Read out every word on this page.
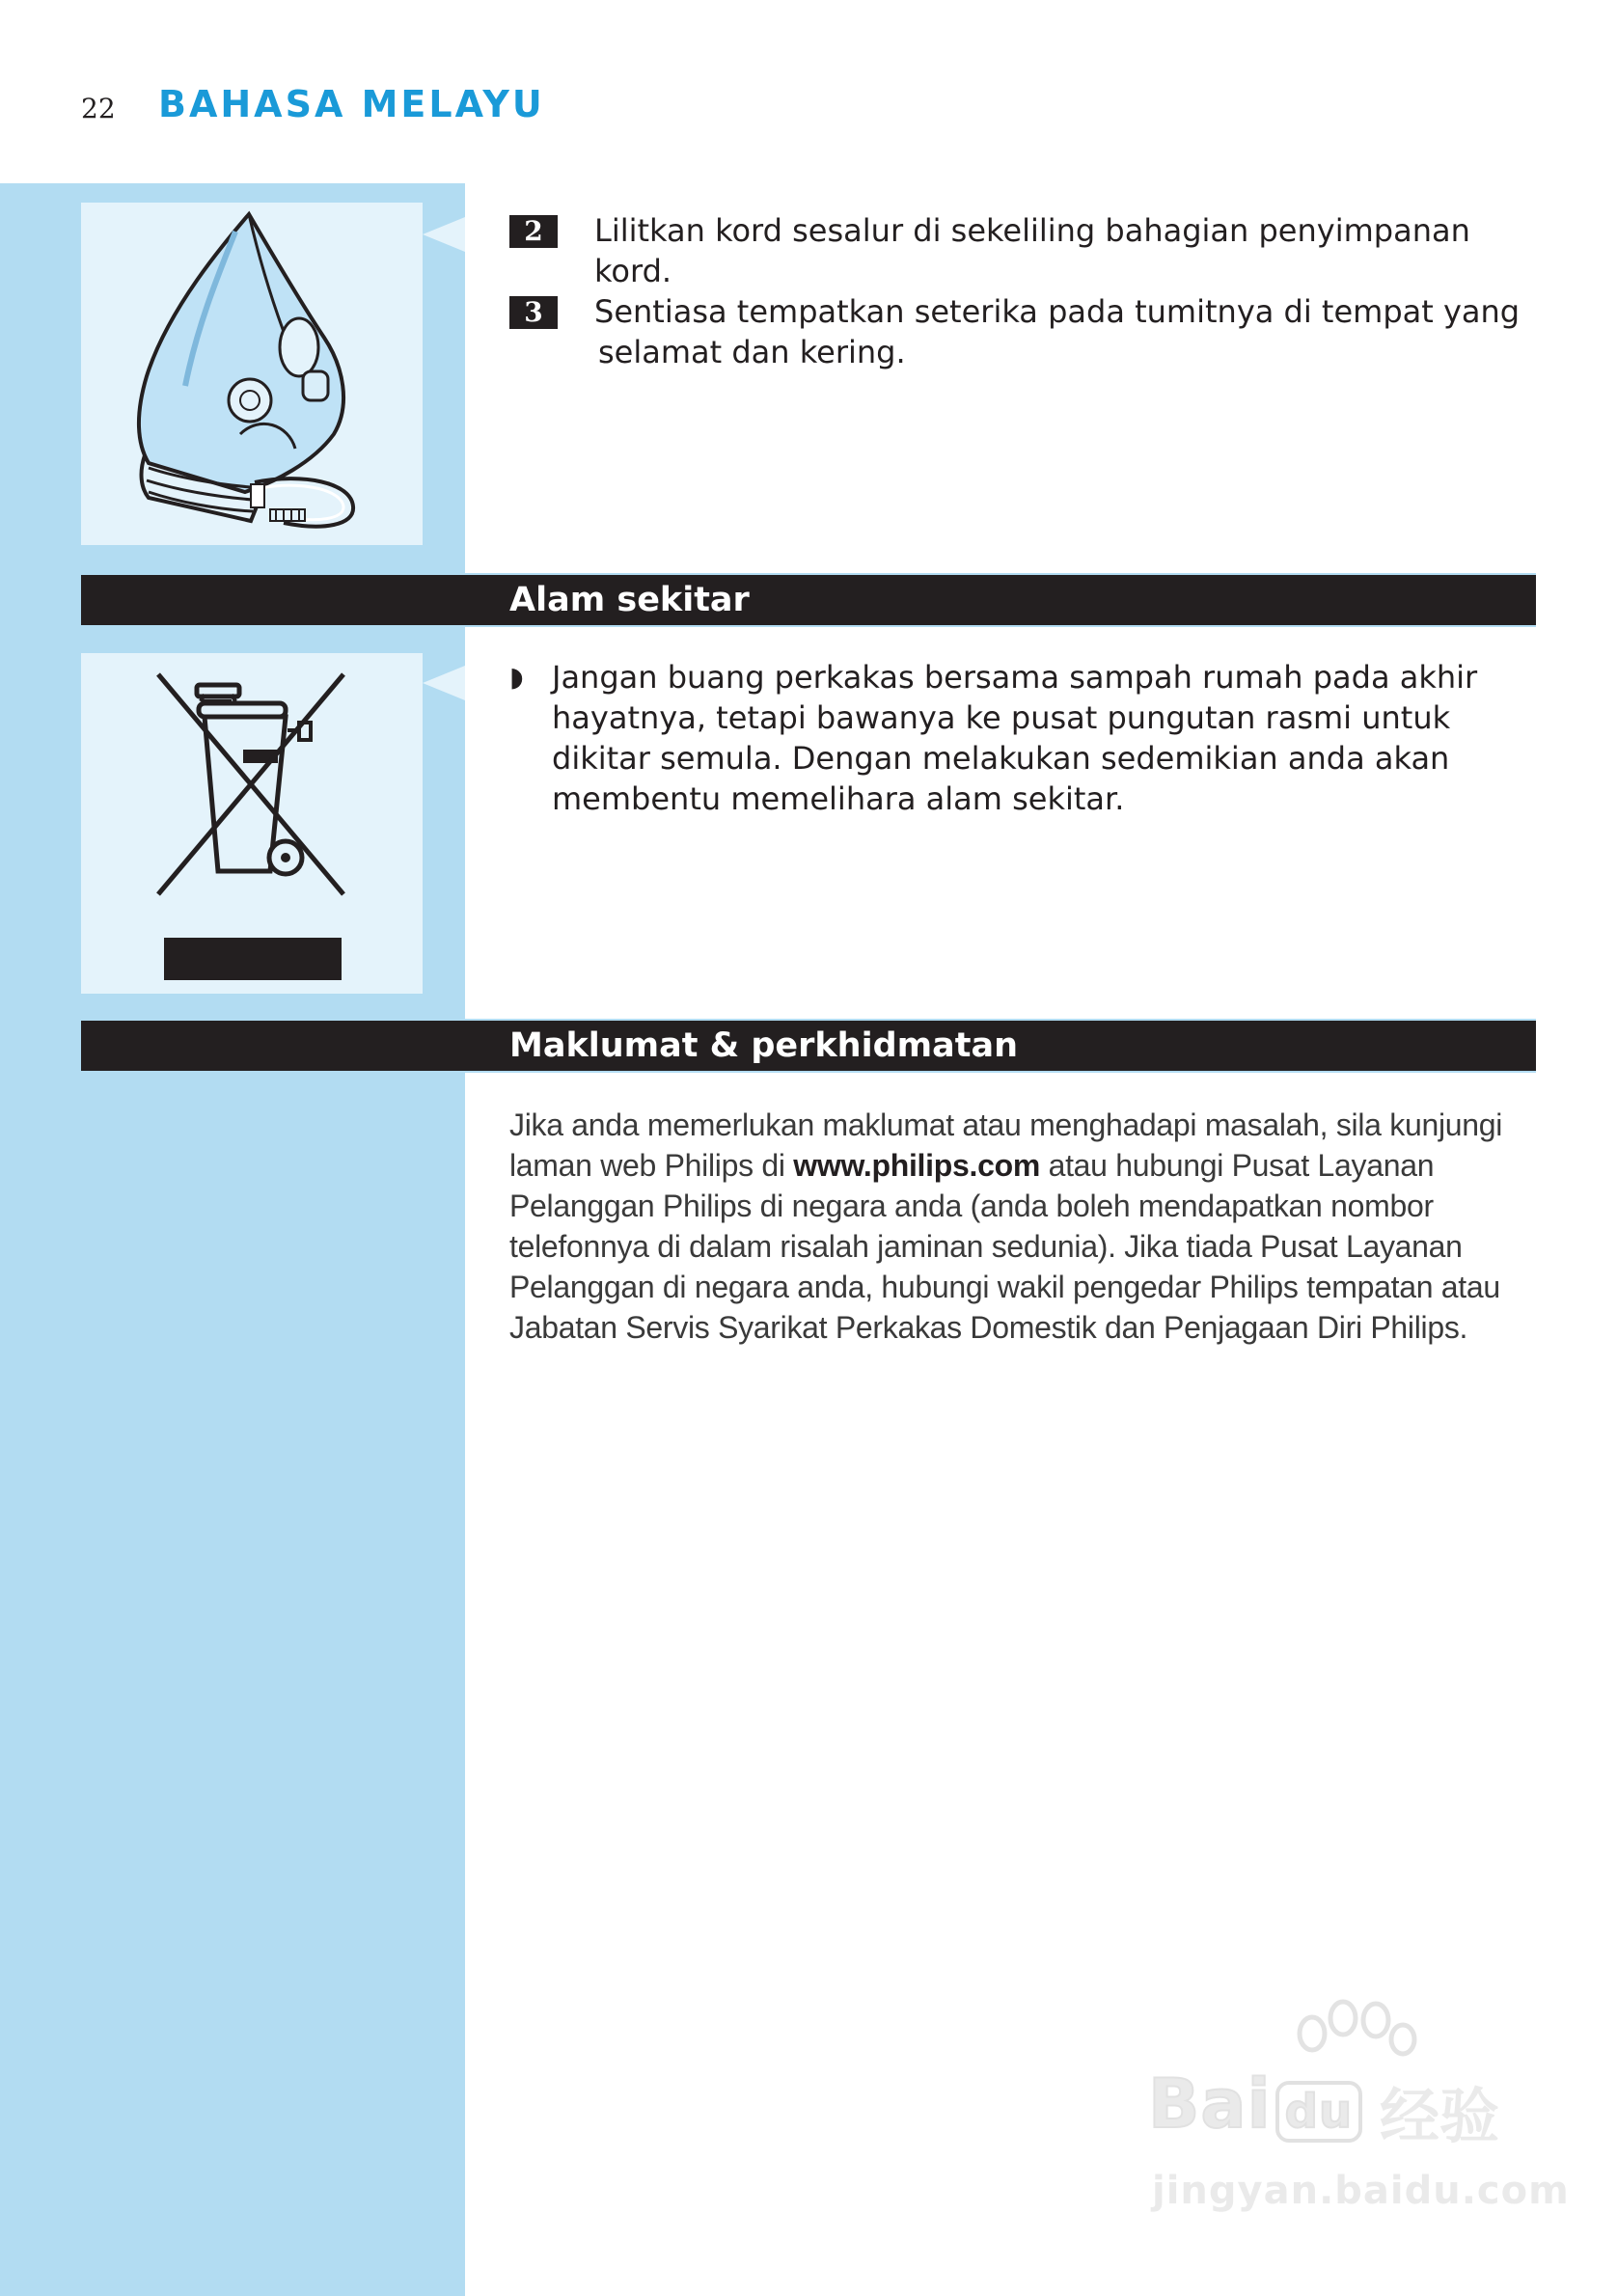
22 BAHASA MELAYU
2	Lilitkan kord sesalur di sekeliling bahagian penyimpanan kord.
3	Sentiasa tempatkan seterika pada tumitnya di tempat yang
selamat dan kering.
Alam sekitar
◗ Jangan buang perkakas bersama sampah rumah pada akhir hayatnya, tetapi bawanya ke pusat pungutan rasmi untuk dikitar semula. Dengan melakukan sedemikian anda akan membentu memelihara alam sekitar.
Maklumat & perkhidmatan
Jika anda memerlukan maklumat atau menghadapi masalah, sila kunjungi laman web Philips di www.philips.com atau hubungi Pusat Layanan Pelanggan Philips di negara anda (anda boleh mendapatkan nombor telefonnya di dalam risalah jaminan sedunia). Jika tiada Pusat Layanan Pelanggan di negara anda, hubungi wakil pengedar Philips tempatan atau Jabatan Servis Syarikat Perkakas Domestik dan Penjagaan Diri Philips.
Bai du 经验
jingyan.baidu.com
